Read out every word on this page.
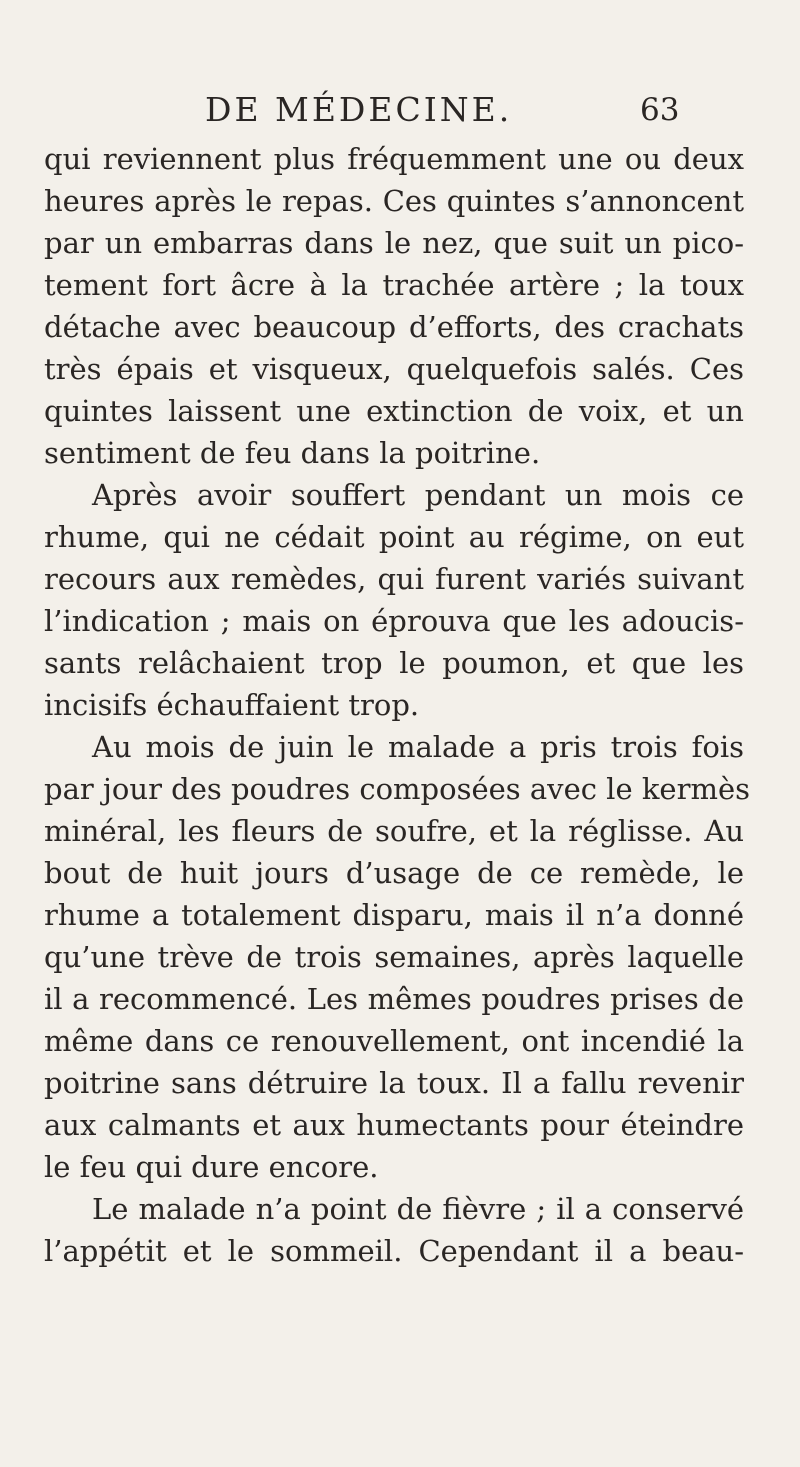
DE MÉDECINE.	63
qui reviennent plus fréquemment une ou deux
heures après le repas. Ces quintes s’annoncent
par un embarras dans le nez, que suit un pico-
tement fort âcre à la trachée artère ; la toux
détache avec beaucoup d’efforts, des crachats
très épais et visqueux, quelquefois salés. Ces
quintes laissent une extinction de voix, et un
sentiment de feu dans la poitrine.
Après avoir souffert pendant un mois ce
rhume, qui ne cédait point au régime, on eut
recours aux remèdes, qui furent variés suivant
l’indication ; mais on éprouva que les adoucis-
sants relâchaient trop le poumon, et que les
incisifs échauffaient trop.
Au mois de juin le malade a pris trois fois
par jour des poudres composées avec le kermès
minéral, les fleurs de soufre, et la réglisse. Au
bout de huit jours d’usage de ce remède, le
rhume a totalement disparu, mais il n’a donné
qu’une trève de trois semaines, après laquelle
il a recommencé. Les mêmes poudres prises de
même dans ce renouvellement, ont incendié la
poitrine sans détruire la toux. Il a fallu revenir
aux calmants et aux humectants pour éteindre
le feu qui dure encore.
Le malade n’a point de fièvre ; il a conservé
l’appétit et le sommeil. Cependant il a beau-
